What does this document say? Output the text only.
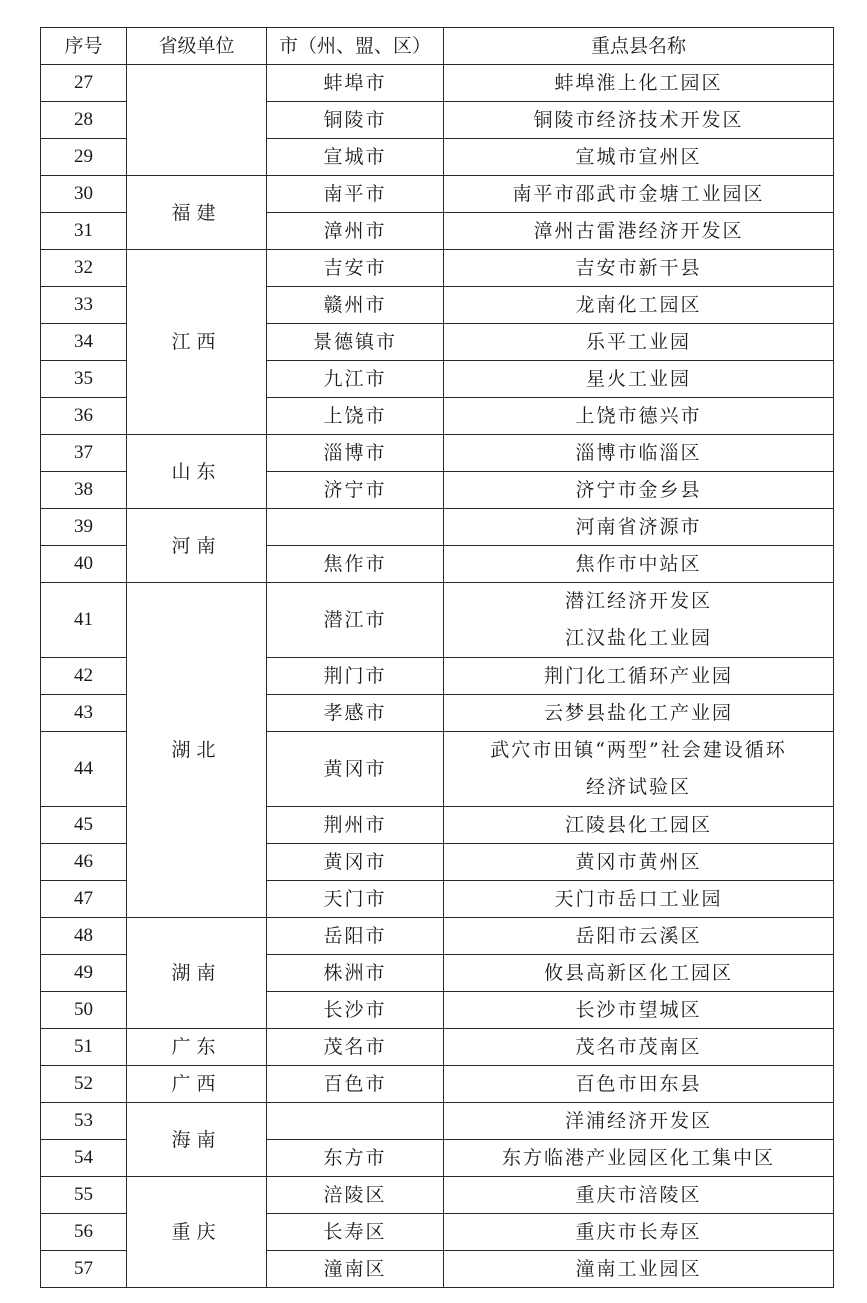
序号	省级单位	市（州、盟、区）	重点县名称
27		蚌埠市	蚌埠淮上化工园区
28		铜陵市	铜陵市经济技术开发区
29		宣城市	宣城市宣州区
30	福建	南平市	南平市邵武市金塘工业园区
31		漳州市	漳州古雷港经济开发区
32	江西	吉安市	吉安市新干县
33		赣州市	龙南化工园区
34		景德镇市	乐平工业园
35		九江市	星火工业园
36		上饶市	上饶市德兴市
37	山东	淄博市	淄博市临淄区
38		济宁市	济宁市金乡县
39	河南		河南省济源市
40		焦作市	焦作市中站区
41	湖北	潜江市	潜江经济开发区
江汉盐化工业园

42		荆门市	荆门化工循环产业园
43		孝感市	云梦县盐化工产业园
44		黄冈市	武穴市田镇“两型”社会建设循环
经济试验区

45		荆州市	江陵县化工园区
46		黄冈市	黄冈市黄州区
47		天门市	天门市岳口工业园
48	湖南	岳阳市	岳阳市云溪区
49		株洲市	攸县高新区化工园区
50		长沙市	长沙市望城区
51	广东	茂名市	茂名市茂南区
52	广西	百色市	百色市田东县
53	海南		洋浦经济开发区
54		东方市	东方临港产业园区化工集中区
55	重庆	涪陵区	重庆市涪陵区
56		长寿区	重庆市长寿区
57		潼南区	潼南工业园区
